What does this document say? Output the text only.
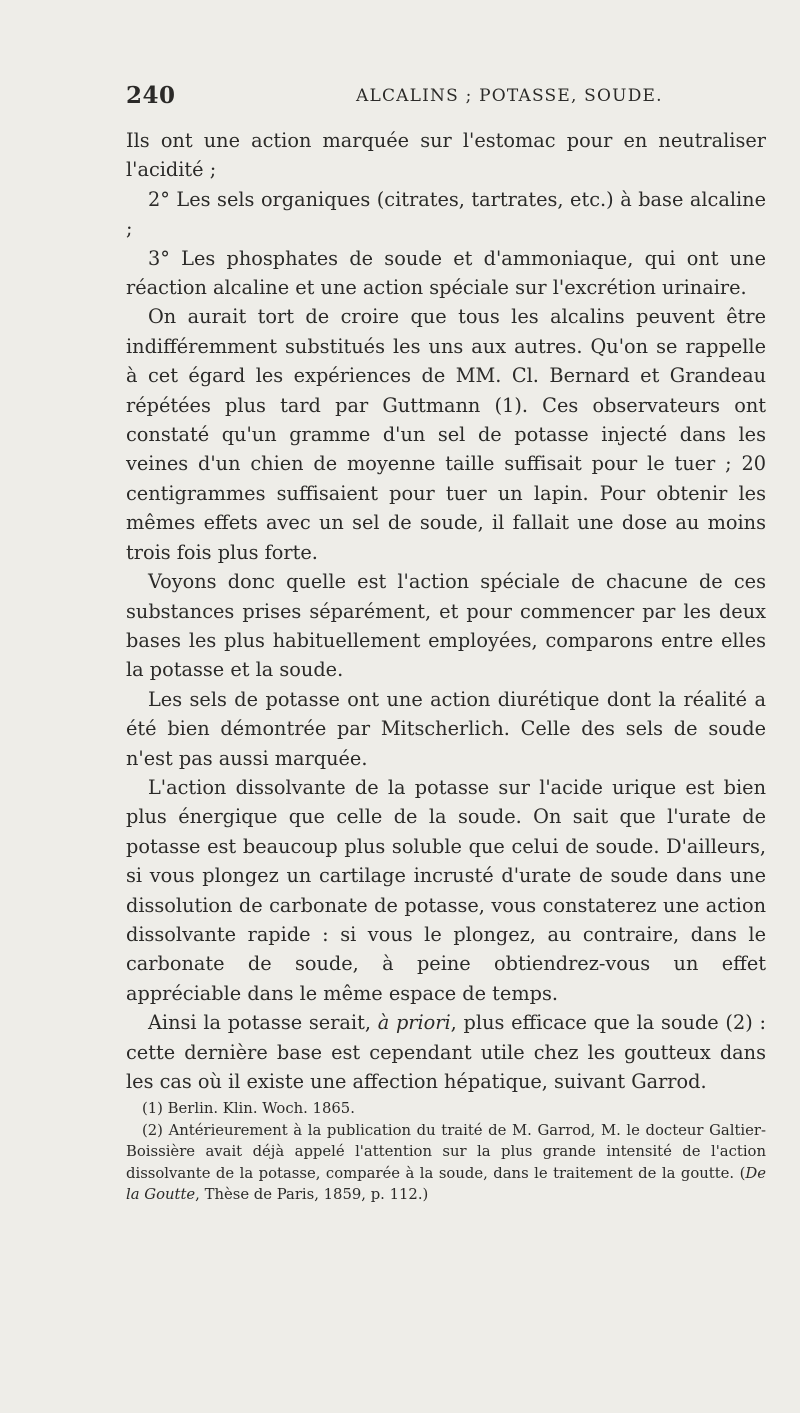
240	ALCALINS ; POTASSE, SOUDE.

Ils ont une action marquée sur l'estomac pour en neutraliser l'acidité ;

2° Les sels organiques (citrates, tartrates, etc.) à base alcaline ;

3° Les phosphates de soude et d'ammoniaque, qui ont une réaction alcaline et une action spéciale sur l'excrétion urinaire.

On aurait tort de croire que tous les alcalins peuvent être indifféremment substitués les uns aux autres. Qu'on se rappelle à cet égard les expériences de MM. Cl. Bernard et Grandeau répétées plus tard par Guttmann (1). Ces observateurs ont constaté qu'un gramme d'un sel de potasse injecté dans les veines d'un chien de moyenne taille suffisait pour le tuer ; 20 centigrammes suffisaient pour tuer un lapin. Pour obtenir les mêmes effets avec un sel de soude, il fallait une dose au moins trois fois plus forte.

Voyons donc quelle est l'action spéciale de chacune de ces substances prises séparément, et pour commencer par les deux bases les plus habituellement employées, comparons entre elles la potasse et la soude.

Les sels de potasse ont une action diurétique dont la réalité a été bien démontrée par Mitscherlich. Celle des sels de soude n'est pas aussi marquée.

L'action dissolvante de la potasse sur l'acide urique est bien plus énergique que celle de la soude. On sait que l'urate de potasse est beaucoup plus soluble que celui de soude. D'ailleurs, si vous plongez un cartilage incrusté d'urate de soude dans une dissolution de carbonate de potasse, vous constaterez une action dissolvante rapide : si vous le plongez, au contraire, dans le carbonate de soude, à peine obtiendrez-vous un effet appréciable dans le même espace de temps.

Ainsi la potasse serait, à priori, plus efficace que la soude (2) : cette dernière base est cependant utile chez les goutteux dans les cas où il existe une affection hépatique, suivant Garrod.

(1) Berlin. Klin. Woch. 1865.

(2) Antérieurement à la publication du traité de M. Garrod, M. le docteur Galtier-Boissière avait déjà appelé l'attention sur la plus grande intensité de l'action dissolvante de la potasse, comparée à la soude, dans le traitement de la goutte. (De la Goutte, Thèse de Paris, 1859, p. 112.)
